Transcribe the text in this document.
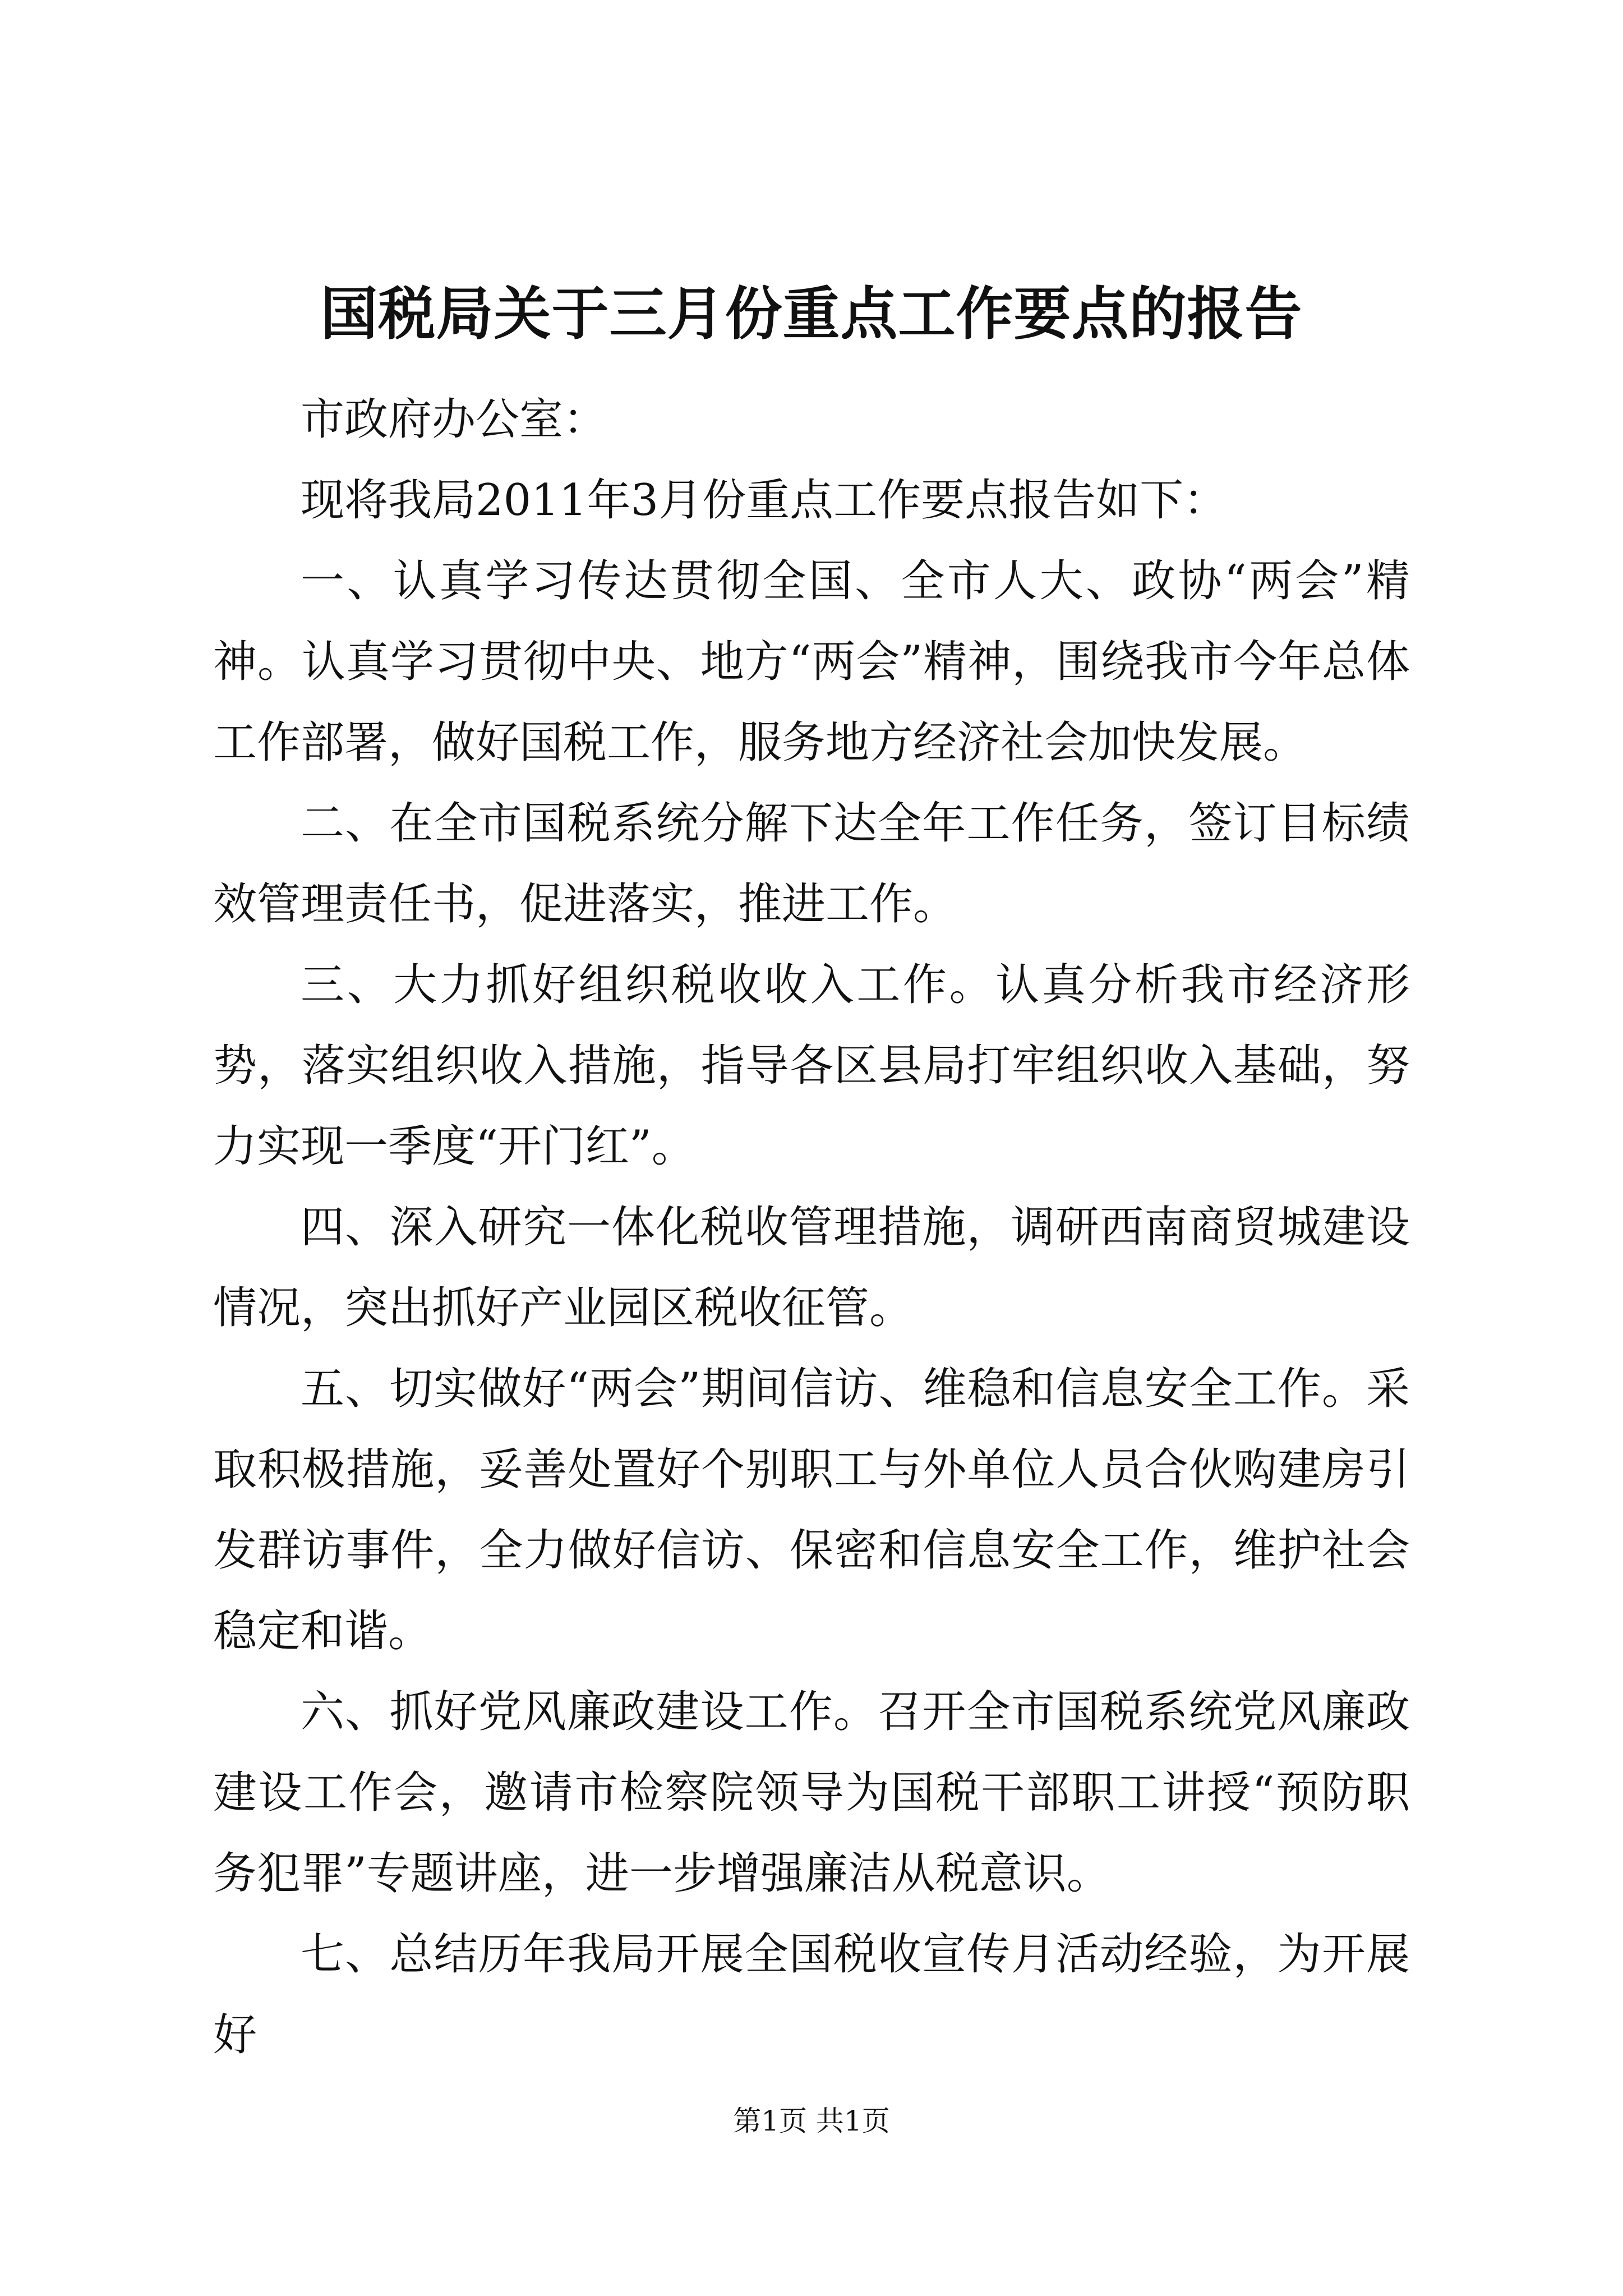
国税局关于三月份重点工作要点的报告

市政府办公室：

现将我局2011年3月份重点工作要点报告如下：

一、认真学习传达贯彻全国、全市人大、政协“两会”精神。认真学习贯彻中央、地方“两会”精神，围绕我市今年总体工作部署，做好国税工作，服务地方经济社会加快发展。

二、在全市国税系统分解下达全年工作任务，签订目标绩效管理责任书，促进落实，推进工作。

三、大力抓好组织税收收入工作。认真分析我市经济形势，落实组织收入措施，指导各区县局打牢组织收入基础，努力实现一季度“开门红”。

四、深入研究一体化税收管理措施，调研西南商贸城建设情况，突出抓好产业园区税收征管。

五、切实做好“两会”期间信访、维稳和信息安全工作。采取积极措施，妥善处置好个别职工与外单位人员合伙购建房引发群访事件，全力做好信访、保密和信息安全工作，维护社会稳定和谐。

六、抓好党风廉政建设工作。召开全市国税系统党风廉政建设工作会，邀请市检察院领导为国税干部职工讲授“预防职务犯罪”专题讲座，进一步增强廉洁从税意识。

七、总结历年我局开展全国税收宣传月活动经验，为开展好

第1页 共1页
